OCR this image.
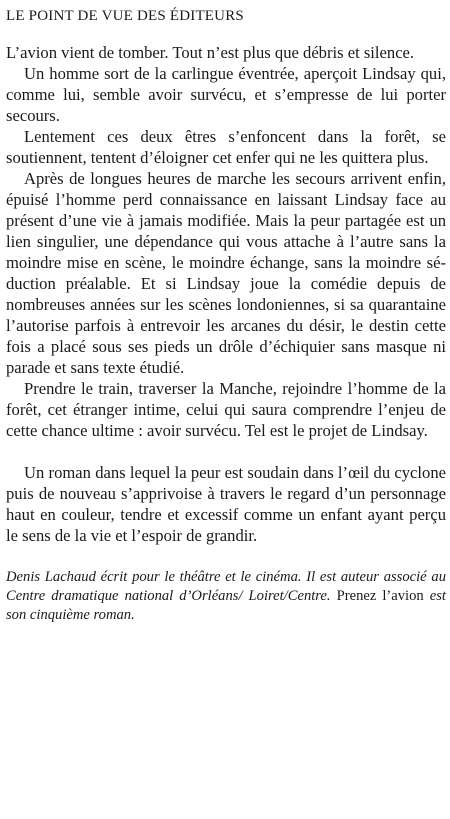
LE POINT DE VUE DES ÉDITEURS

L’avion vient de tomber. Tout n’est plus que débris et silence.

Un homme sort de la carlingue éventrée, aperçoit Lindsay qui, comme lui, semble avoir survécu, et s’empresse de lui porter secours.

Lentement ces deux êtres s’enfoncent dans la forêt, se soutiennent, tentent d’éloigner cet enfer qui ne les quittera plus.

Après de longues heures de marche les secours arrivent enfin, épuisé l’homme perd connaissance en laissant Lindsay face au présent d’une vie à jamais modifiée. Mais la peur partagée est un lien singulier, une dépendance qui vous attache à l’autre sans la moindre mise en scène, le moindre échange, sans la moindre séduction préalable. Et si Lindsay joue la comédie depuis de nombreuses années sur les scènes londoniennes, si sa quarantaine l’autorise parfois à entrevoir les arcanes du désir, le destin cette fois a placé sous ses pieds un drôle d’échiquier sans masque ni parade et sans texte étudié.

Prendre le train, traverser la Manche, rejoindre l’homme de la forêt, cet étranger intime, celui qui saura comprendre l’enjeu de cette chance ultime : avoir survécu. Tel est le projet de Lindsay.

Un roman dans lequel la peur est soudain dans l’œil du cyclone puis de nouveau s’apprivoise à travers le regard d’un personnage haut en couleur, tendre et excessif comme un enfant ayant perçu le sens de la vie et l’espoir de grandir.

Denis Lachaud écrit pour le théâtre et le cinéma. Il est auteur associé au Centre dramatique national d’Orléans/ Loiret/Centre. Prenez l’avion est son cinquième roman.
